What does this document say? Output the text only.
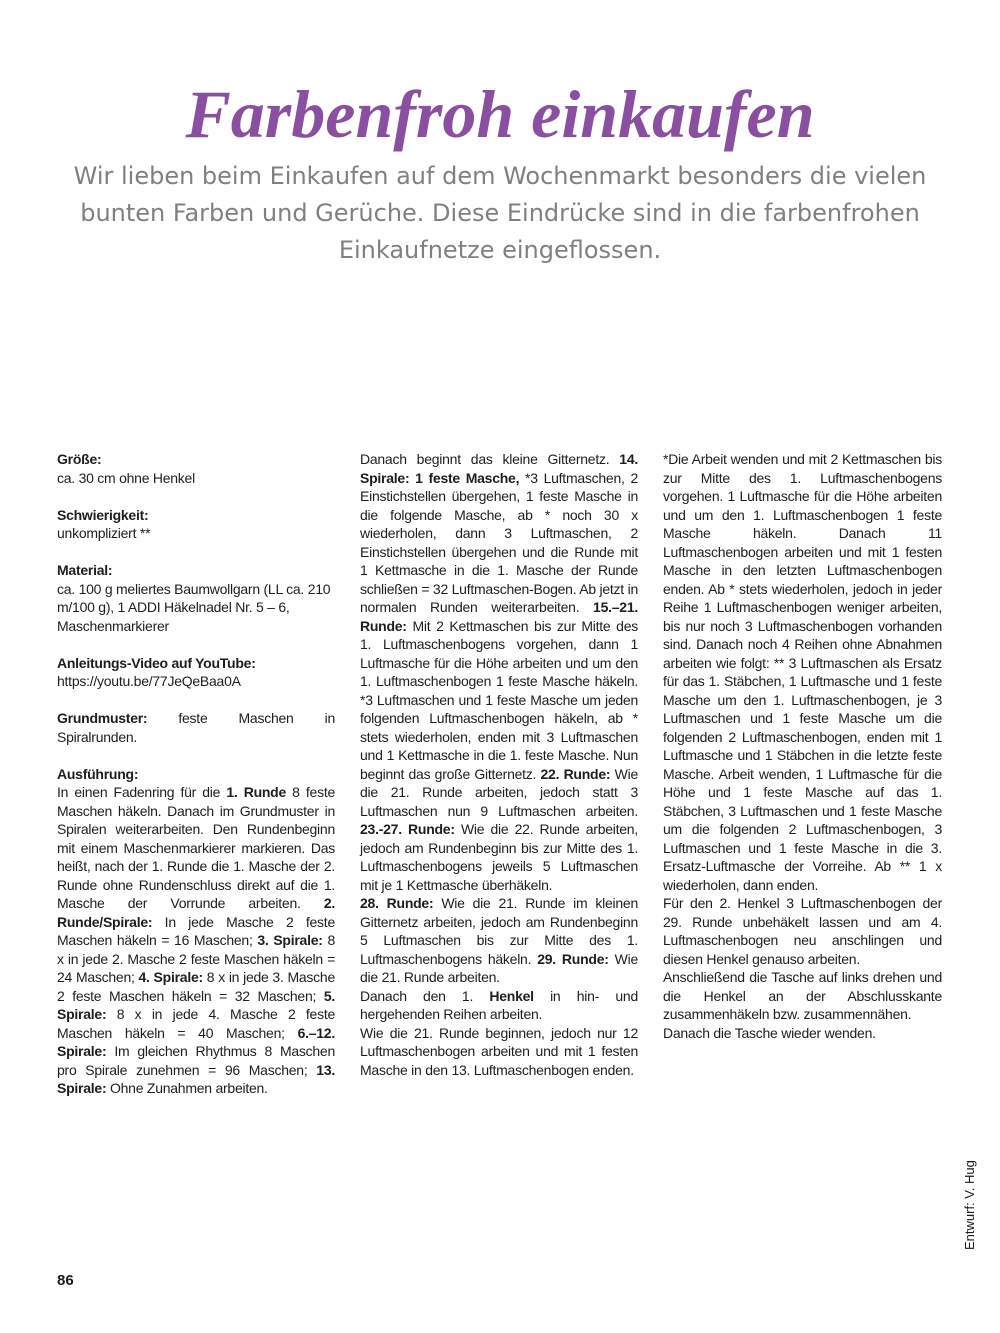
Farbenfroh einkaufen

Wir lieben beim Einkaufen auf dem Wochenmarkt besonders die vielen bunten Farben und Gerüche. Diese Eindrücke sind in die farbenfrohen Einkaufnetze eingeflossen.

Größe:

ca. 30 cm ohne Henkel

Schwierigkeit:

unkompliziert **

Material:

ca. 100 g meliertes Baumwollgarn (LL ca. 210 m/100 g), 1 ADDI Häkelnadel Nr. 5 – 6, Maschenmarkierer

Anleitungs-Video auf YouTube:

https://youtu.be/77JeQeBaa0A

Grundmuster: feste Maschen in Spiralrunden.

Ausführung:

In einen Fadenring für die 1. Runde 8 feste Maschen häkeln. Danach im Grundmuster in Spiralen weiterarbeiten. Den Rundenbeginn mit einem Maschenmarkierer markieren. Das heißt, nach der 1. Runde die 1. Masche der 2. Runde ohne Rundenschluss direkt auf die 1. Masche der Vorrunde arbeiten. 2. Runde/Spirale: In jede Masche 2 feste Maschen häkeln = 16 Maschen; 3. Spirale: 8 x in jede 2. Masche 2 feste Maschen häkeln = 24 Maschen; 4. Spirale: 8 x in jede 3. Masche 2 feste Maschen häkeln = 32 Maschen; 5. Spirale: 8 x in jede 4. Masche 2 feste Maschen häkeln = 40 Maschen; 6.–12. Spirale: Im gleichen Rhythmus 8 Maschen pro Spirale zunehmen = 96 Maschen; 13. Spirale: Ohne Zunahmen arbeiten.

Danach beginnt das kleine Gitternetz. 14. Spirale: 1 feste Masche, *3 Luftmaschen, 2 Einstichstellen übergehen, 1 feste Masche in die folgende Masche, ab * noch 30 x wiederholen, dann 3 Luftmaschen, 2 Einstichstellen übergehen und die Runde mit 1 Kettmasche in die 1. Masche der Runde schließen = 32 Luftmaschen-Bogen. Ab jetzt in normalen Runden weiterarbeiten. 15.–21. Runde: Mit 2 Kettmaschen bis zur Mitte des 1. Luftmaschenbogens vorgehen, dann 1 Luftmasche für die Höhe arbeiten und um den 1. Luftmaschenbogen 1 feste Masche häkeln. *3 Luftmaschen und 1 feste Masche um jeden folgenden Luftmaschenbogen häkeln, ab * stets wiederholen, enden mit 3 Luftmaschen und 1 Kettmasche in die 1. feste Masche. Nun beginnt das große Gitternetz. 22. Runde: Wie die 21. Runde arbeiten, jedoch statt 3 Luftmaschen nun 9 Luftmaschen arbeiten. 23.-27. Runde: Wie die 22. Runde arbeiten, jedoch am Rundenbeginn bis zur Mitte des 1. Luftmaschenbogens jeweils 5 Luftmaschen mit je 1 Kettmasche überhäkeln.

28. Runde: Wie die 21. Runde im kleinen Gitternetz arbeiten, jedoch am Rundenbeginn 5 Luftmaschen bis zur Mitte des 1. Luftmaschenbogens häkeln. 29. Runde: Wie die 21. Runde arbeiten.

Danach den 1. Henkel in hin- und hergehenden Reihen arbeiten.

Wie die 21. Runde beginnen, jedoch nur 12 Luftmaschenbogen arbeiten und mit 1 festen Masche in den 13. Luftmaschenbogen enden.

*Die Arbeit wenden und mit 2 Kettmaschen bis zur Mitte des 1. Luftmaschenbogens vorgehen. 1 Luftmasche für die Höhe arbeiten und um den 1. Luftmaschenbogen 1 feste Masche häkeln. Danach 11 Luftmaschenbogen arbeiten und mit 1 festen Masche in den letzten Luftmaschenbogen enden. Ab * stets wiederholen, jedoch in jeder Reihe 1 Luftmaschenbogen weniger arbeiten, bis nur noch 3 Luftmaschenbogen vorhanden sind. Danach noch 4 Reihen ohne Abnahmen arbeiten wie folgt: ** 3 Luftmaschen als Ersatz für das 1. Stäbchen, 1 Luftmasche und 1 feste Masche um den 1. Luftmaschenbogen, je 3 Luftmaschen und 1 feste Masche um die folgenden 2 Luftmaschenbogen, enden mit 1 Luftmasche und 1 Stäbchen in die letzte feste Masche. Arbeit wenden, 1 Luftmasche für die Höhe und 1 feste Masche auf das 1. Stäbchen, 3 Luftmaschen und 1 feste Masche um die folgenden 2 Luftmaschenbogen, 3 Luftmaschen und 1 feste Masche in die 3. Ersatz-Luftmasche der Vorreihe. Ab ** 1 x wiederholen, dann enden.

Für den 2. Henkel 3 Luftmaschenbogen der 29. Runde unbehäkelt lassen und am 4. Luftmaschenbogen neu anschlingen und diesen Henkel genauso arbeiten.

Anschließend die Tasche auf links drehen und die Henkel an der Abschlusskante zusammenhäkeln bzw. zusammennähen.

Danach die Tasche wieder wenden.

Entwurf: V. Hug
86
